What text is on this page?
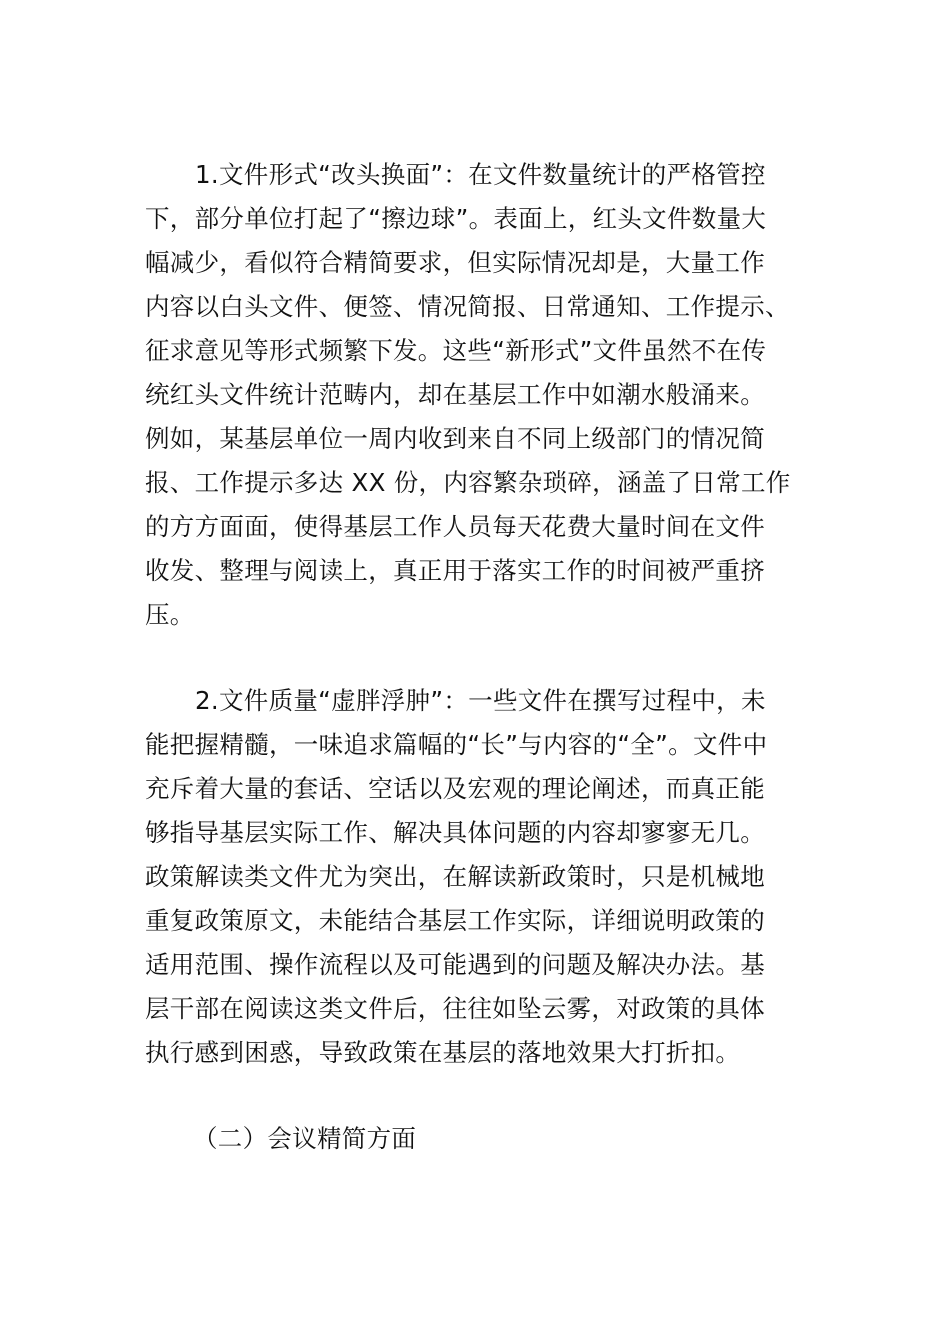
1.文件形式“改头换面”：在文件数量统计的严格管控
下，部分单位打起了“擦边球”。表面上，红头文件数量大
幅减少，看似符合精简要求，但实际情况却是，大量工作
内容以白头文件、便签、情况简报、日常通知、工作提示、
征求意见等形式频繁下发。这些“新形式”文件虽然不在传
统红头文件统计范畴内，却在基层工作中如潮水般涌来。
例如，某基层单位一周内收到来自不同上级部门的情况简
报、工作提示多达 XX 份，内容繁杂琐碎，涵盖了日常工作
的方方面面，使得基层工作人员每天花费大量时间在文件
收发、整理与阅读上，真正用于落实工作的时间被严重挤
压。
2.文件质量“虚胖浮肿”：一些文件在撰写过程中，未
能把握精髓，一味追求篇幅的“长”与内容的“全”。文件中
充斥着大量的套话、空话以及宏观的理论阐述，而真正能
够指导基层实际工作、解决具体问题的内容却寥寥无几。
政策解读类文件尤为突出，在解读新政策时，只是机械地
重复政策原文，未能结合基层工作实际，详细说明政策的
适用范围、操作流程以及可能遇到的问题及解决办法。基
层干部在阅读这类文件后，往往如坠云雾，对政策的具体
执行感到困惑，导致政策在基层的落地效果大打折扣。
（二）会议精简方面
